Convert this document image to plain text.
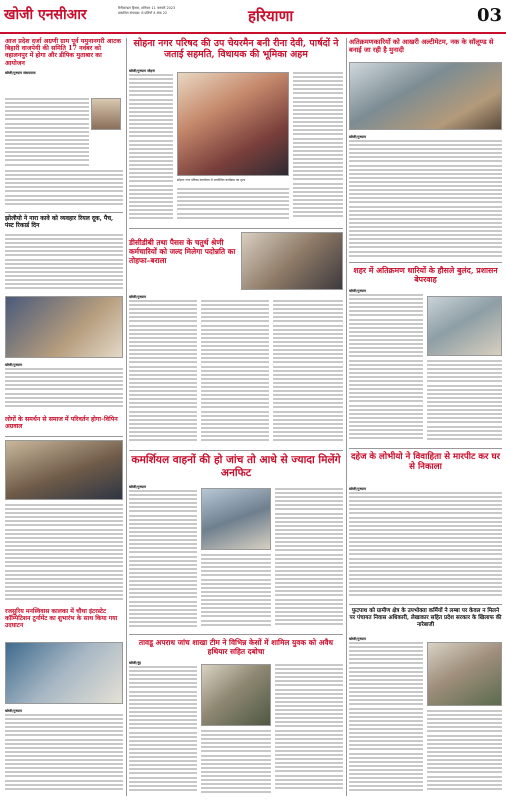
खोजी एनसीआर	मैनीकन्डल हिसार, शनिवार 11 जनवरी 2023
प्रकाशित संपादक: 8 प्रतियाँ 4 अंक 22	हरियाणा	03
आज प्रदेश दर्जा अग्रणी ग्राम पूर्व यमुनानगरी आटक बिहारी वाजपेयी की समिति 17 नवंबर को वहालनपुर में होगा और डीपिक मुताबार का आयोजन
खोजी/गुरुग्राम संवाददाता
झोलीयो ने नारा कावे को व्यवहार रियल दूक, पैच, पंस्ट रिकार्ड दिन
खोजी/गुरुग्राम
लोगों के समर्थन से समाज में परिवर्तन होगा–विपिन अग्रवाल
रजसुरिय मनस्विवास कालका में चौथा इंटरस्टेट कॉम्पिटिशन टूर्नामेंट का शुभारंभ के साथ किया गया उदघाटन
खोजी/गुरुग्राम
सोहना नगर परिषद की उप चेयरमैन बनी रीना देवी, पार्षदों ने जताई सहमति, विधायक की भूमिका अहम
खोजी/गुरुग्राम सोहना
सोहना नगर परिषद कार्यालय में आयोजित कार्यक्रम का दृश्य
डीसीडीबी तथा पैसस के चतुर्थ श्रेणी कर्मचारियों को जल्द मिलेगा पदोन्नति का तोहफा–बराला
खोजी/गुरुग्राम
कमर्शियल वाहनों की हो जांच तो आधे से ज्यादा मिलेंगे अनफिट
खोजी/गुरुग्राम
तावडू अपराध जांच शाखा टीम ने विभिन्न केसों में शामिल युवक को अवैध हथियार सहित दबोचा
खोजी/नूंह
अतिक्रमणकारियों को आखरी अल्टीमेटम, नक के सॉलूण्ड से बनाई जा रही है मुनादी
खोजी/गुरुग्राम
शहर में अतिक्रमण धारियों के हौसले बुलंद, प्रशासन बेपरवाह
खोजी/गुरुग्राम
दहेज के लोभीयो ने विवाहिता से मारपीट कर घर से निकाला
खोजी/गुरुग्राम
फुटपाथ को ग्रामीण क्षेत्र के उपभोक्ता कर्मियों ने लम्बा पर केवल न मिलने पर पंचायत निवास अधिकारी, लेखाकार सहित प्रदेश सरकार के खिलाफ की नारेबाजी
खोजी/गुरुग्राम
